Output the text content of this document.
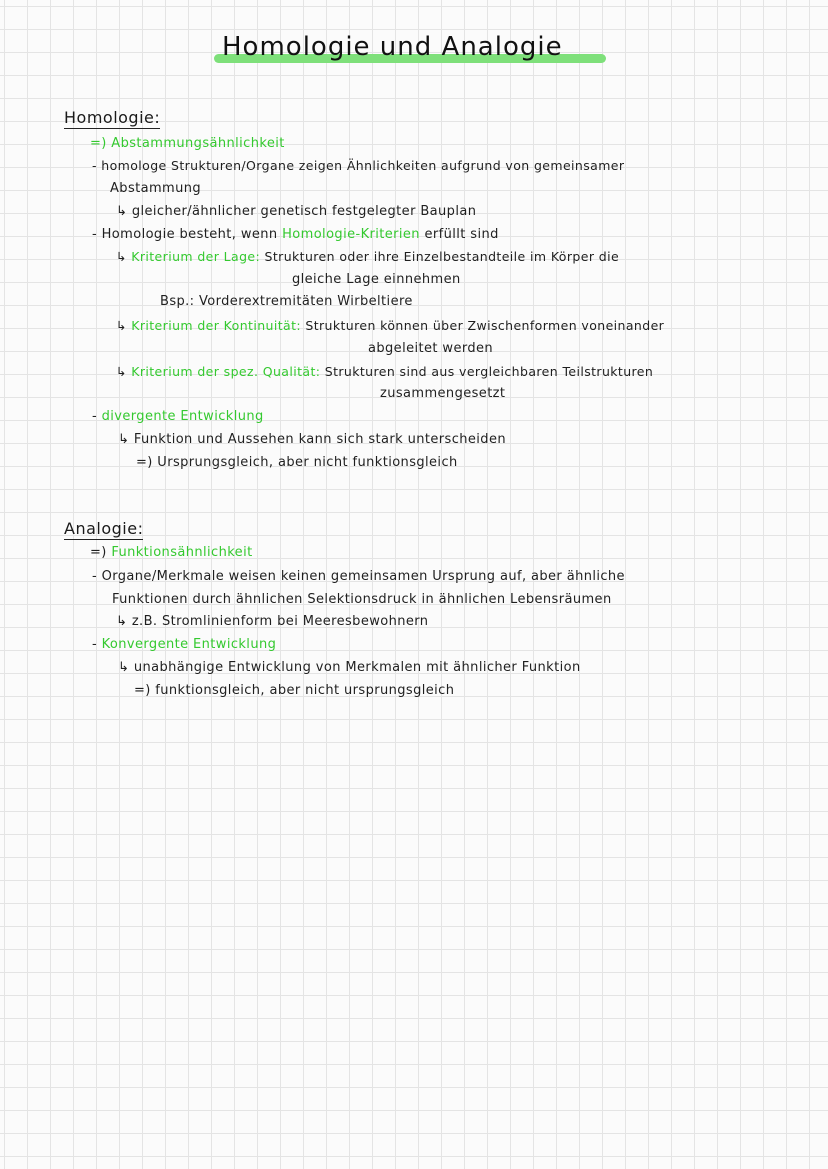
Homologie und Analogie
Homologie:
=) Abstammungsähnlichkeit
- homologe Strukturen/Organe zeigen Ähnlichkeiten aufgrund von gemeinsamer
Abstammung
↳ gleicher/ähnlicher genetisch festgelegter Bauplan
- Homologie besteht, wenn Homologie-Kriterien erfüllt sind
↳ Kriterium der Lage: Strukturen oder ihre Einzelbestandteile im Körper die
gleiche Lage einnehmen
Bsp.: Vorderextremitäten Wirbeltiere
↳ Kriterium der Kontinuität: Strukturen können über Zwischenformen voneinander
abgeleitet werden
↳ Kriterium der spez. Qualität: Strukturen sind aus vergleichbaren Teilstrukturen
zusammengesetzt
- divergente Entwicklung
↳ Funktion und Aussehen kann sich stark unterscheiden
=) Ursprungsgleich, aber nicht funktionsgleich
Analogie:
=) Funktionsähnlichkeit
- Organe/Merkmale weisen keinen gemeinsamen Ursprung auf, aber ähnliche
Funktionen durch ähnlichen Selektionsdruck in ähnlichen Lebensräumen
↳ z.B. Stromlinienform bei Meeresbewohnern
- Konvergente Entwicklung
↳ unabhängige Entwicklung von Merkmalen mit ähnlicher Funktion
=) funktionsgleich, aber nicht ursprungsgleich
